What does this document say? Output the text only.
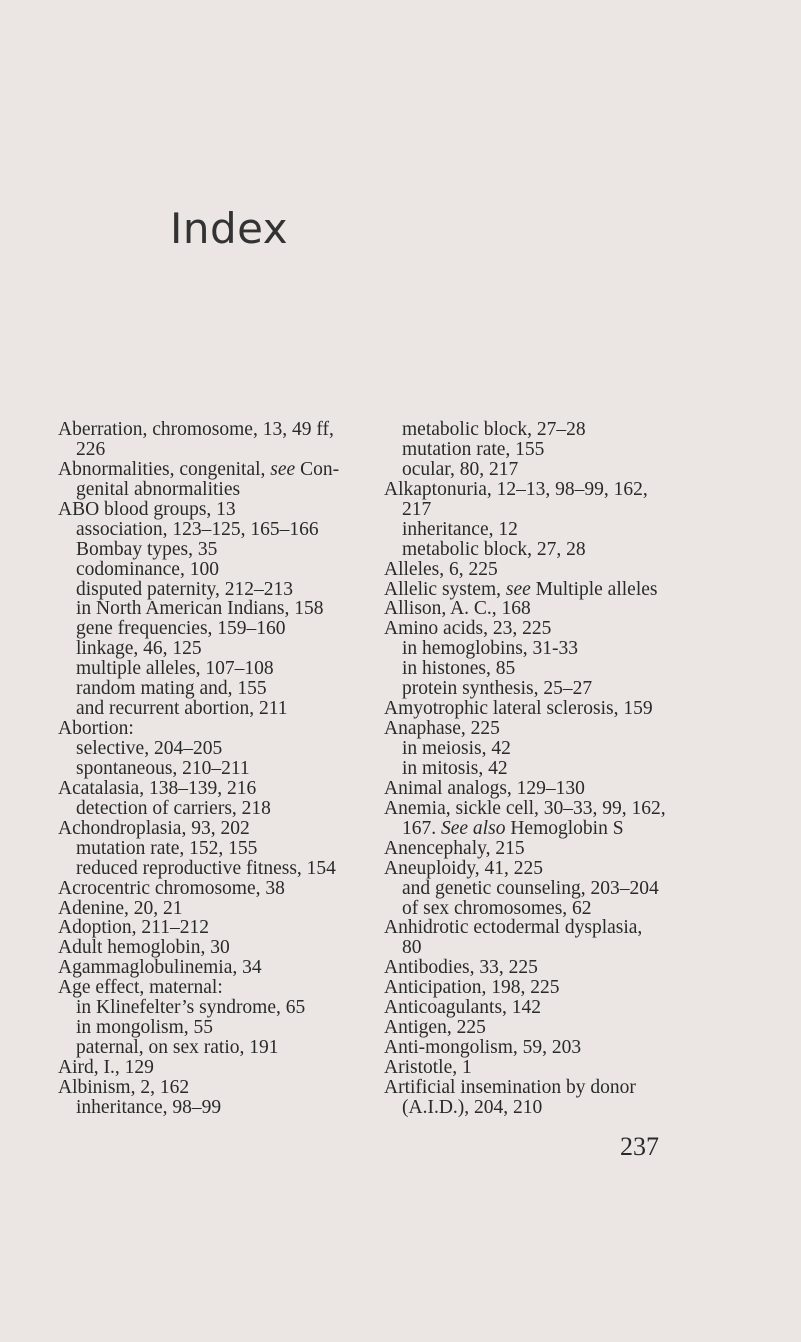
Index
Aberration, chromosome, 13, 49 ff,
226
Abnormalities, congenital, see Con-
genital abnormalities
ABO blood groups, 13
association, 123–125, 165–166
Bombay types, 35
codominance, 100
disputed paternity, 212–213
in North American Indians, 158
gene frequencies, 159–160
linkage, 46, 125
multiple alleles, 107–108
random mating and, 155
and recurrent abortion, 211
Abortion:
selective, 204–205
spontaneous, 210–211
Acatalasia, 138–139, 216
detection of carriers, 218
Achondroplasia, 93, 202
mutation rate, 152, 155
reduced reproductive fitness, 154
Acrocentric chromosome, 38
Adenine, 20, 21
Adoption, 211–212
Adult hemoglobin, 30
Agammaglobulinemia, 34
Age effect, maternal:
in Klinefelter’s syndrome, 65
in mongolism, 55
paternal, on sex ratio, 191
Aird, I., 129
Albinism, 2, 162
inheritance, 98–99
metabolic block, 27–28
mutation rate, 155
ocular, 80, 217
Alkaptonuria, 12–13, 98–99, 162,
217
inheritance, 12
metabolic block, 27, 28
Alleles, 6, 225
Allelic system, see Multiple alleles
Allison, A. C., 168
Amino acids, 23, 225
in hemoglobins, 31-33
in histones, 85
protein synthesis, 25–27
Amyotrophic lateral sclerosis, 159
Anaphase, 225
in meiosis, 42
in mitosis, 42
Animal analogs, 129–130
Anemia, sickle cell, 30–33, 99, 162,
167. See also Hemoglobin S
Anencephaly, 215
Aneuploidy, 41, 225
and genetic counseling, 203–204
of sex chromosomes, 62
Anhidrotic ectodermal dysplasia,
80
Antibodies, 33, 225
Anticipation, 198, 225
Anticoagulants, 142
Antigen, 225
Anti-mongolism, 59, 203
Aristotle, 1
Artificial insemination by donor
(A.I.D.), 204, 210
237
